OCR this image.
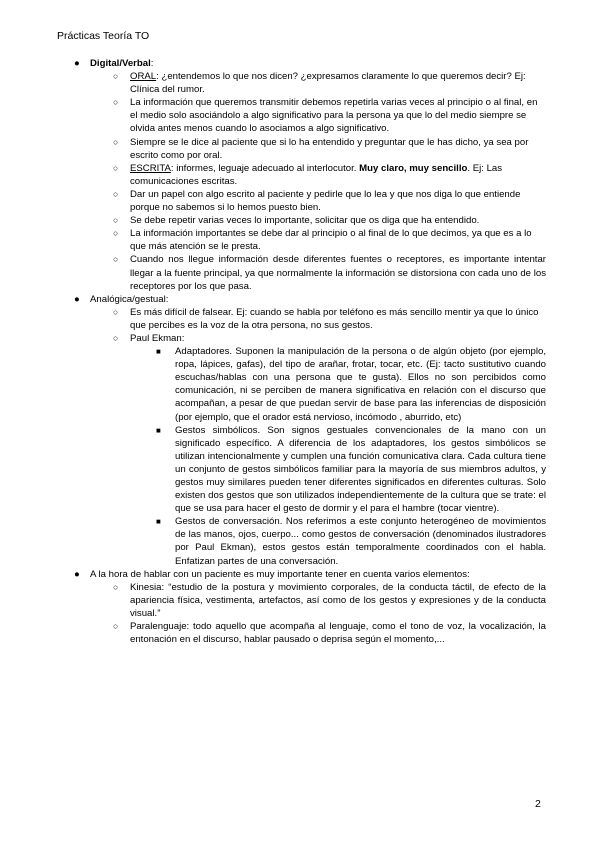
Prácticas Teoría TO
● Digital/Verbal:
○ ORAL: ¿entendemos lo que nos dicen? ¿expresamos claramente lo que queremos decir? Ej: Clínica del rumor.
○ La información que queremos transmitir debemos repetirla varias veces al principio o al final, en el medio solo asociándolo a algo significativo para la persona ya que lo del medio siempre se olvida antes menos cuando lo asociamos a algo significativo.
○ Siempre se le dice al paciente que si lo ha entendido y preguntar que le has dicho, ya sea por escrito como por oral.
○ ESCRITA: informes, leguaje adecuado al interlocutor. Muy claro, muy sencillo. Ej: Las comunicaciones escritas.
○ Dar un papel con algo escrito al paciente y pedirle que lo lea y que nos diga lo que entiende porque no sabemos si lo hemos puesto bien.
○ Se debe repetir varias veces lo importante, solicitar que os diga que ha entendido.
○ La información importantes se debe dar al principio o al final de lo que decimos, ya que es a lo que más atención se le presta.
○ Cuando nos llegue información desde diferentes fuentes o receptores, es importante intentar llegar a la fuente principal, ya que normalmente la información se distorsiona con cada uno de los receptores por los que pasa.
● Analógica/gestual:
○ Es más difícil de falsear. Ej: cuando se habla por teléfono es más sencillo mentir ya que lo único que percibes es la voz de la otra persona, no sus gestos.
○ Paul Ekman:
■ Adaptadores. Suponen la manipulación de la persona o de algún objeto (por ejemplo, ropa, lápices, gafas), del tipo de arañar, frotar, tocar, etc. (Ej: tacto sustitutivo cuando escuchas/hablas con una persona que te gusta). Ellos no son percibidos como comunicación, ni se perciben de manera significativa en relación con el discurso que acompañan, a pesar de que puedan servir de base para las inferencias de disposición (por ejemplo, que el orador está nervioso, incómodo , aburrido, etc)
■ Gestos simbólicos. Son signos gestuales convencionales de la mano con un significado específico. A diferencia de los adaptadores, los gestos simbólicos se utilizan intencionalmente y cumplen una función comunicativa clara. Cada cultura tiene un conjunto de gestos simbólicos familiar para la mayoría de sus miembros adultos, y gestos muy similares pueden tener diferentes significados en diferentes culturas. Solo existen dos gestos que son utilizados independientemente de la cultura que se trate: el que se usa para hacer el gesto de dormir y el para el hambre (tocar vientre).
■ Gestos de conversación. Nos referimos a este conjunto heterogéneo de movimientos de las manos, ojos, cuerpo... como gestos de conversación (denominados ilustradores por Paul Ekman), estos gestos están temporalmente coordinados con el habla. Enfatizan partes de una conversación.
● A la hora de hablar con un paciente es muy importante tener en cuenta varios elementos:
○ Kinesia: “estudio de la postura y movimiento corporales, de la conducta táctil, de efecto de la apariencia física, vestimenta, artefactos, así como de los gestos y expresiones y de la conducta visual.”
○ Paralenguaje: todo aquello que acompaña al lenguaje, como el tono de voz, la vocalización, la entonación en el discurso, hablar pausado o deprisa según el momento,...
2
